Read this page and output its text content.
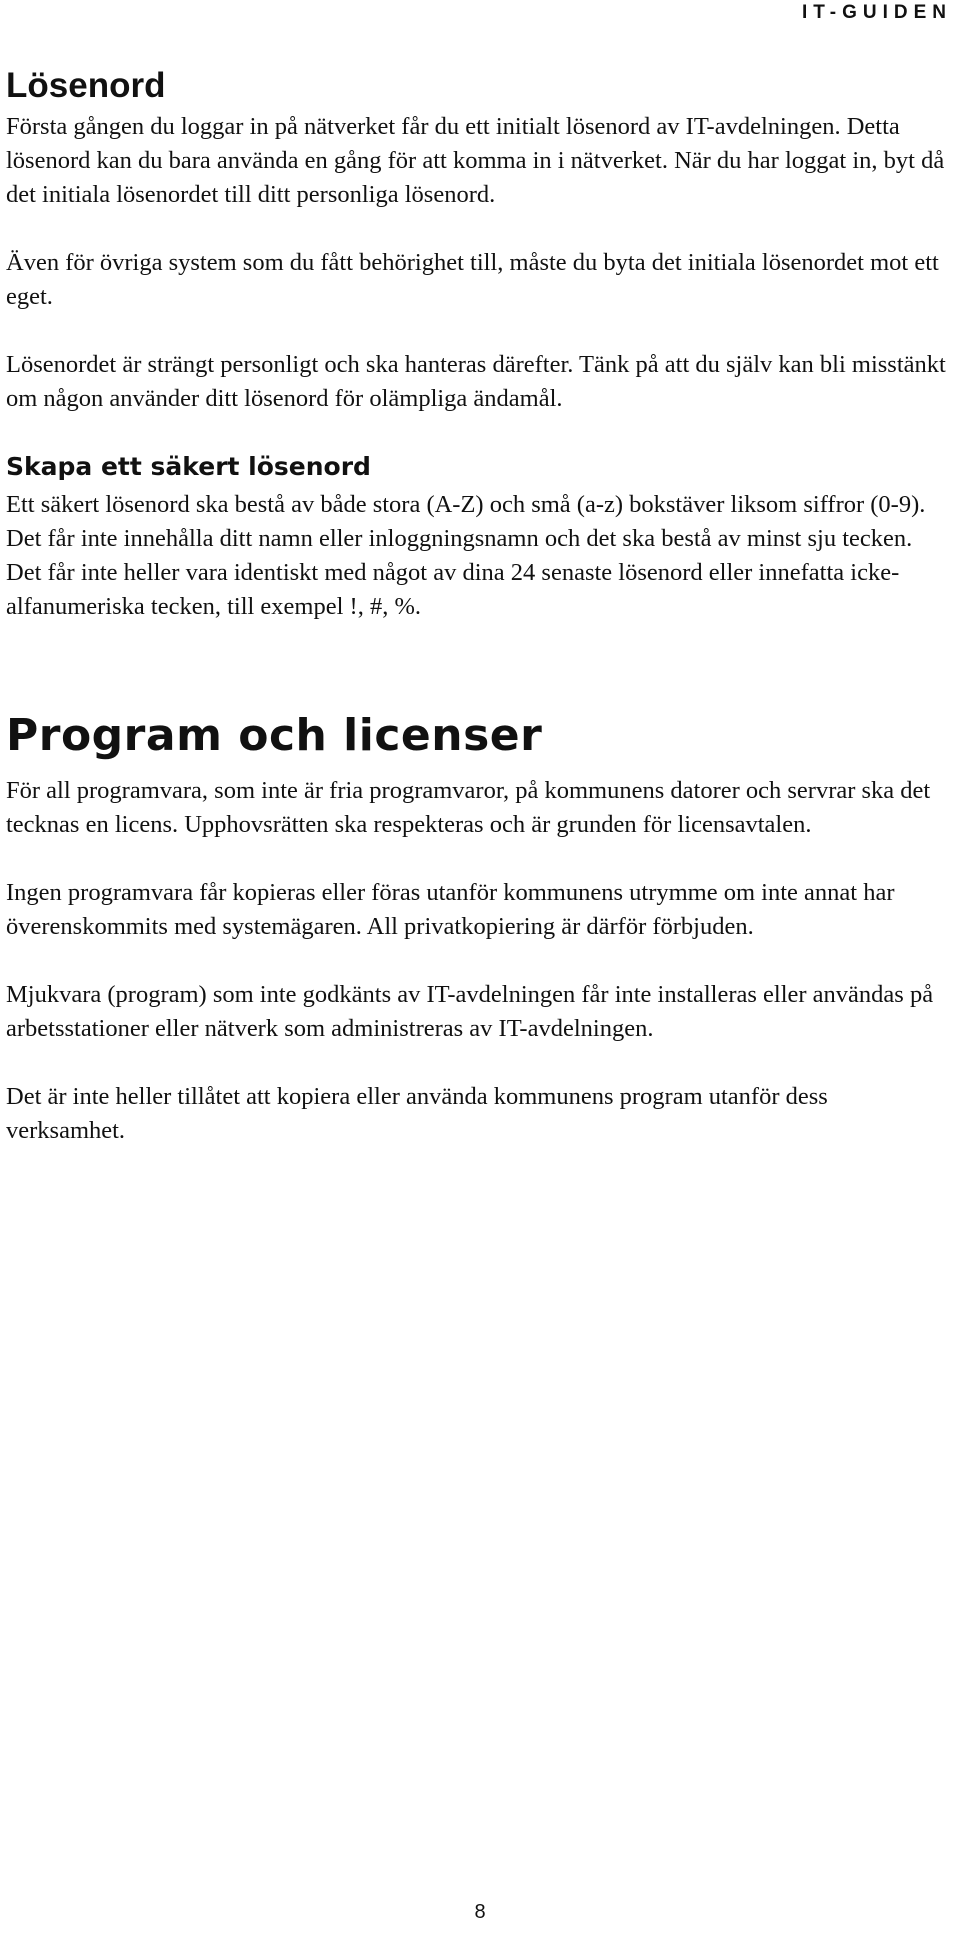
IT-GUIDEN
Lösenord

Första gången du loggar in på nätverket får du ett initialt lösenord av IT-avdelningen. Detta lösenord kan du bara använda en gång för att komma in i nätverket. När du har loggat in, byt då det initiala lösenordet till ditt personliga lösenord.

Även för övriga system som du fått behörighet till, måste du byta det initiala lösenordet mot ett eget.

Lösenordet är strängt personligt och ska hanteras därefter. Tänk på att du själv kan bli misstänkt om någon använder ditt lösenord för olämpliga ändamål.

Skapa ett säkert lösenord

Ett säkert lösenord ska bestå av både stora (A-Z) och små (a-z) bokstäver liksom siffror (0-9). Det får inte innehålla ditt namn eller inloggningsnamn och det ska bestå av minst sju tecken. Det får inte heller vara identiskt med något av dina 24 senaste lösenord eller innefatta icke-alfanumeriska tecken, till exempel !, #, %.

Program och licenser

För all programvara, som inte är fria programvaror, på kommunens datorer och servrar ska det tecknas en licens. Upphovsrätten ska respekteras och är grunden för licensavtalen.

Ingen programvara får kopieras eller föras utanför kommunens utrymme om inte annat har överenskommits med systemägaren. All privatkopiering är därför förbjuden.

Mjukvara (program) som inte godkänts av IT-avdelningen får inte installeras eller användas på arbetsstationer eller nätverk som administreras av IT-avdelningen.

Det är inte heller tillåtet att kopiera eller använda kommunens program utanför dess verksamhet.

8
